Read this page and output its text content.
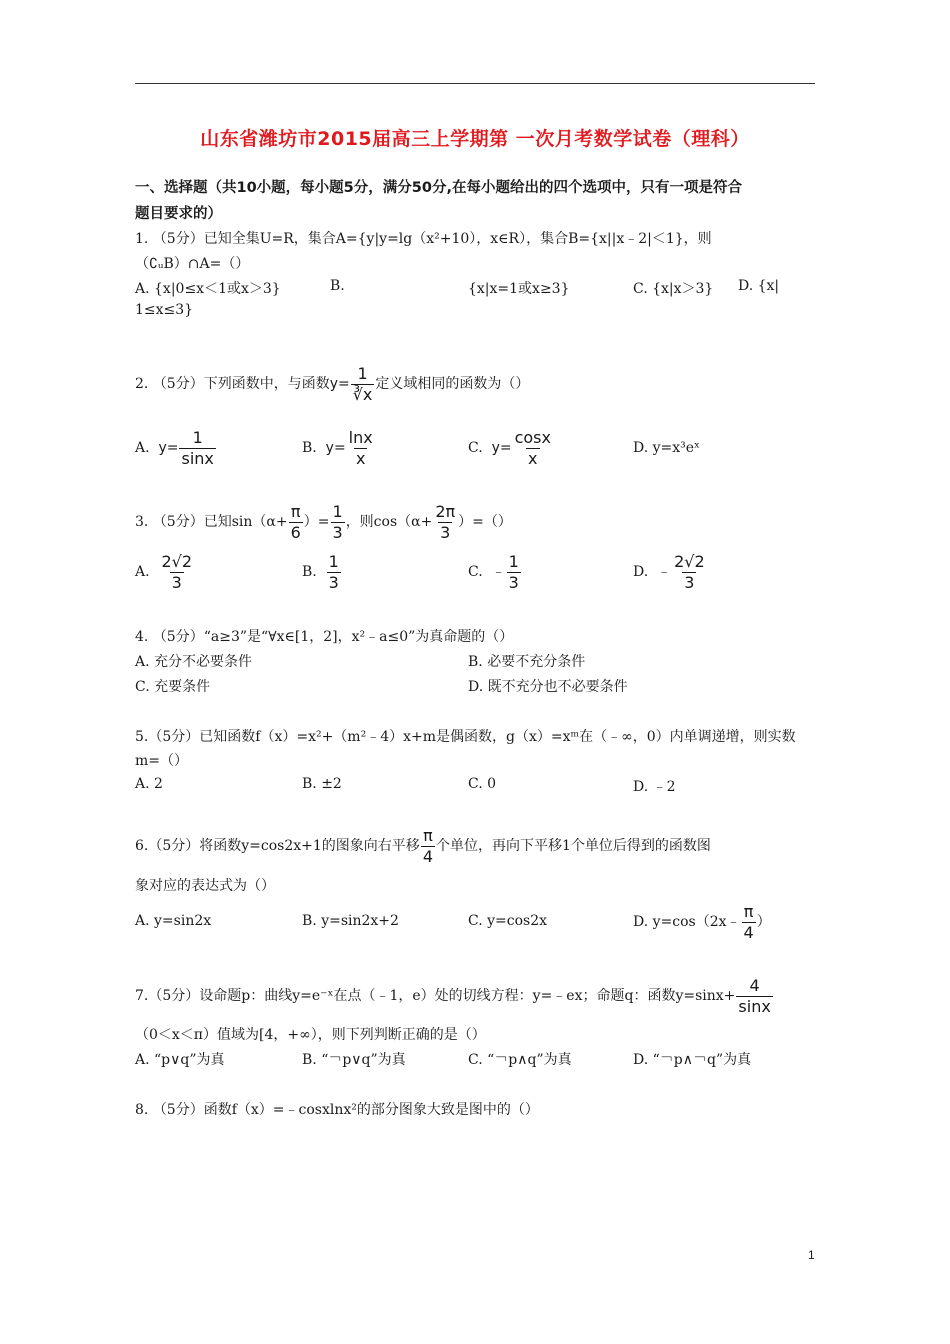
山东省潍坊市2015届高三上学期第 一次月考数学试卷（理科）
一、选择题（共10小题，每小题5分，满分50分,在每小题给出的四个选项中，只有一项是符合
题目要求的）
1. （5分）已知全集U=R，集合A={y|y=lg（x²+10），x∈R），集合B={x||x﹣2|＜1}，则
（∁ᵤB）∩A=（）
A. {x|0≤x＜1或x＞3}	B.	{x|x=1或x≥3}	C. {x|x＞3} D. {x|
1≤x≤3}
2. （5分）下列函数中，与函数$y= \frac{1}{∛x}$ 定义域相同的函数为（）
A. $y= \frac{1}{\sin x}$	B. $y= \frac{\ln x}{x}$	C. $y= \frac{\cos x}{x}$	D. y=x³eˣ
3. （5分）已知$\sin(\alpha+ \frac{\pi}{6}$ ）= $\frac{1}{3}$ ，则$\cos(\alpha+ \frac{2\pi}{3}$ ）=（）
A. $\frac{2√2}{3}$	B. $\frac{1}{3}$	C. ﹣ $\frac{1}{3}$	D. ﹣ $\frac{2√2}{3}$
4. （5分）“a≥3”是“∀x∈[1，2]，x²﹣a≤0”为真命题的（）
A. 充分不必要条件	B. 必要不充分条件
C. 充要条件	D. 既不充分也不必要条件
5.（5分）已知函数f（x）=x²+（m²﹣4）x+m是偶函数，g（x）=xᵐ在（﹣∞，0）内单调递增，则实数
m=（）
A. 2	B. ±2	C. 0	D. ﹣2
6.（5分）将函数y=cos2x+1的图象向右平移 $\frac{\pi}{4}$ 个单位，再向下平移1个单位后得到的函数图
象对应的表达式为（）
A. y=sin2x	B. y=sin2x+2	C. y=cos2x	D. y=cos（2x﹣ $\frac{\pi}{4}$ ）
7.（5分）设命题p：曲线y=e⁻ˣ在点（﹣1，e）处的切线方程：y=﹣ex；命题q：函数$y=\sin x+ \frac{4}{\sin x}$
（0＜x＜π）值域为[4，+∞），则下列判断正确的是（）
A. “p∨q”为真	B. “￢p∨q”为真	C. “￢p∧q”为真	D. “￢p∧￢q”为真
8. （5分）函数f（x）=﹣cosxlnx²的部分图象大致是图中的（）
1
